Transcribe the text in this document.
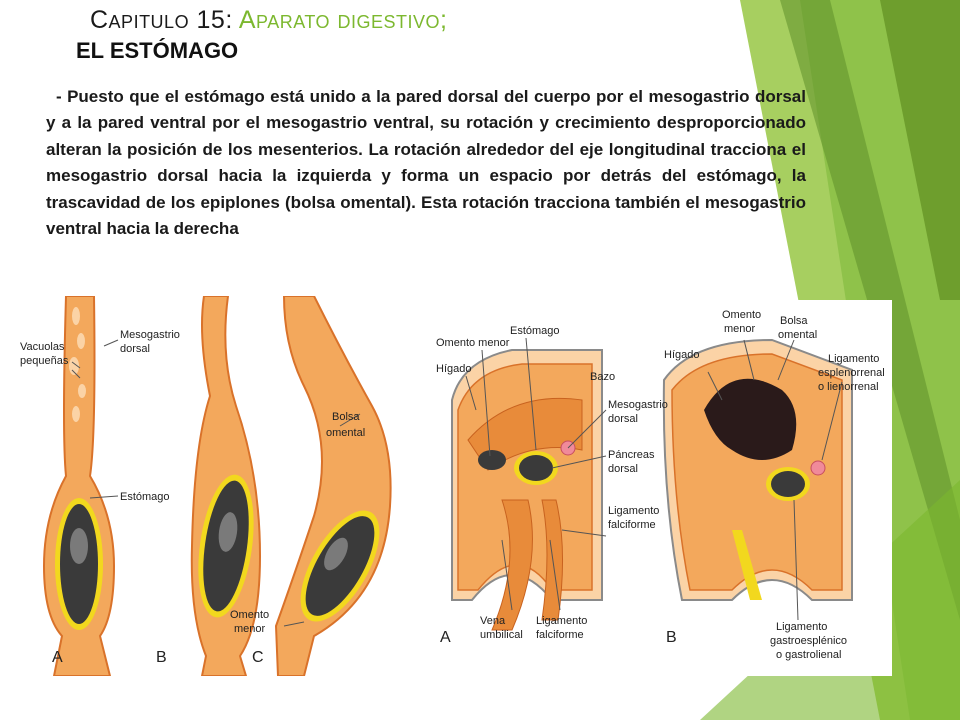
Capitulo 15: Aparato digestivo;
EL ESTÓMAGO
- Puesto que el estómago está unido a la pared dorsal del cuerpo por el mesogastrio dorsal y a la pared ventral por el mesogastrio ventral, su rotación y crecimiento desproporcionado alteran la posición de los mesenterios. La rotación alrededor del eje longitudinal tracciona el mesogastrio dorsal hacia la izquierda y forma un espacio por detrás del estómago, la trascavidad de los epiplones (bolsa omental). Esta rotación tracciona también el mesogastrio ventral hacia la derecha
Vacuolas
pequeñas
Mesogastrio
dorsal
Estómago
Bolsa
omental
Omento
menor
A	B	C
Omento menor
Estómago
Hígado
Bazo
Mesogastrio
dorsal
Páncreas
dorsal
Ligamento
falciforme
Vena
umbilical
Ligamento
falciforme
A
Omento
menor
Bolsa
omental
Hígado	Ligamento
esplenorrenal
o lienorrenal
Ligamento
gastroesplénico
o gastrolienal
B
